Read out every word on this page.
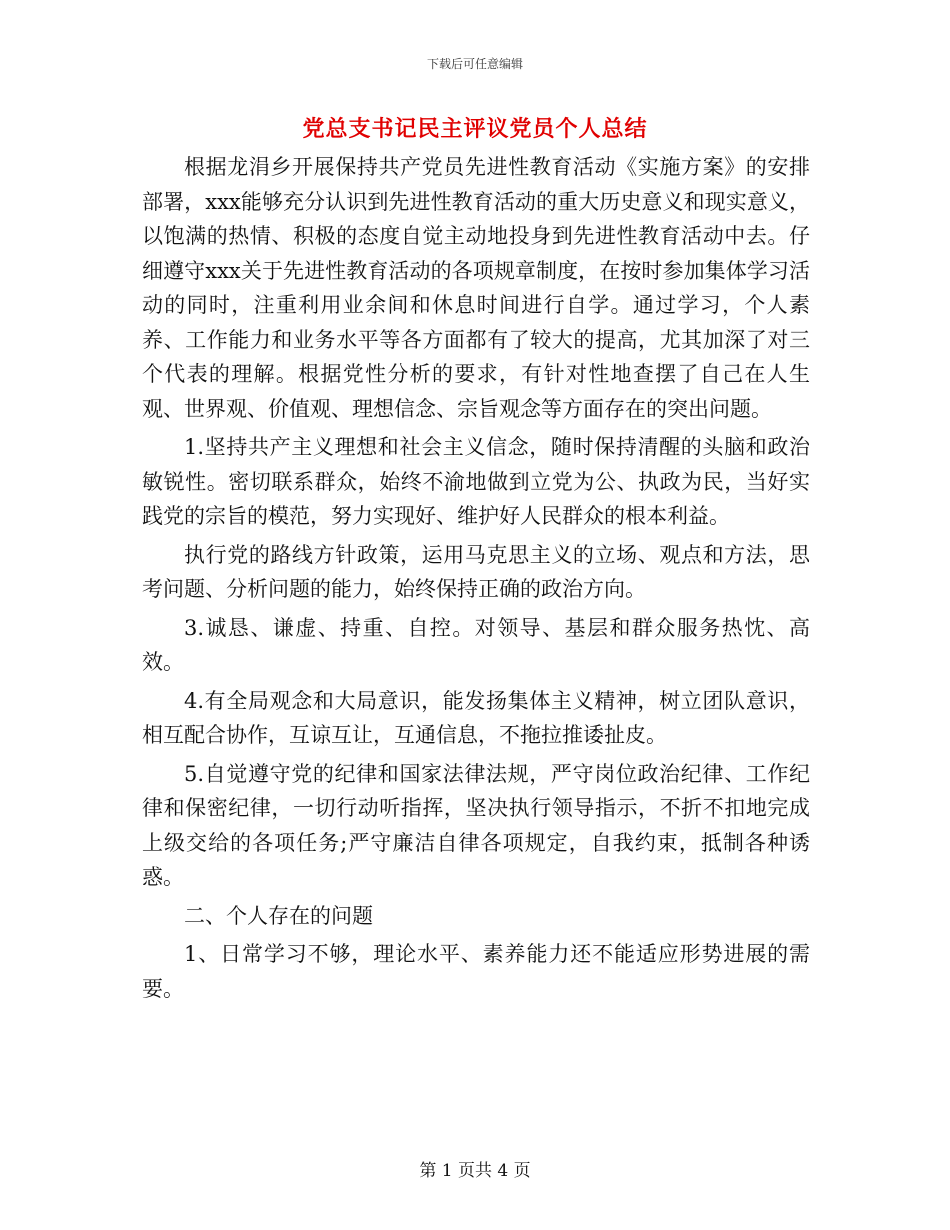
下载后可任意编辑
党总支书记民主评议党员个人总结

根据龙涓乡开展保持共产党员先进性教育活动《实施方案》的安排部署，xxx能够充分认识到先进性教育活动的重大历史意义和现实意义，以饱满的热情、积极的态度自觉主动地投身到先进性教育活动中去。仔细遵守xxx关于先进性教育活动的各项规章制度，在按时参加集体学习活动的同时，注重利用业余间和休息时间进行自学。通过学习，个人素养、工作能力和业务水平等各方面都有了较大的提高，尤其加深了对三个代表的理解。根据党性分析的要求，有针对性地查摆了自己在人生观、世界观、价值观、理想信念、宗旨观念等方面存在的突出问题。

1.坚持共产主义理想和社会主义信念，随时保持清醒的头脑和政治敏锐性。密切联系群众，始终不渝地做到立党为公、执政为民，当好实践党的宗旨的模范，努力实现好、维护好人民群众的根本利益。

执行党的路线方针政策，运用马克思主义的立场、观点和方法，思考问题、分析问题的能力，始终保持正确的政治方向。

3.诚恳、谦虚、持重、自控。对领导、基层和群众服务热忱、高效。

4.有全局观念和大局意识，能发扬集体主义精神，树立团队意识，相互配合协作，互谅互让，互通信息，不拖拉推诿扯皮。

5.自觉遵守党的纪律和国家法律法规，严守岗位政治纪律、工作纪律和保密纪律，一切行动听指挥，坚决执行领导指示，不折不扣地完成上级交给的各项任务;严守廉洁自律各项规定，自我约束，抵制各种诱惑。

二、个人存在的问题

1、日常学习不够，理论水平、素养能力还不能适应形势进展的需要。

第 1 页共 4 页
